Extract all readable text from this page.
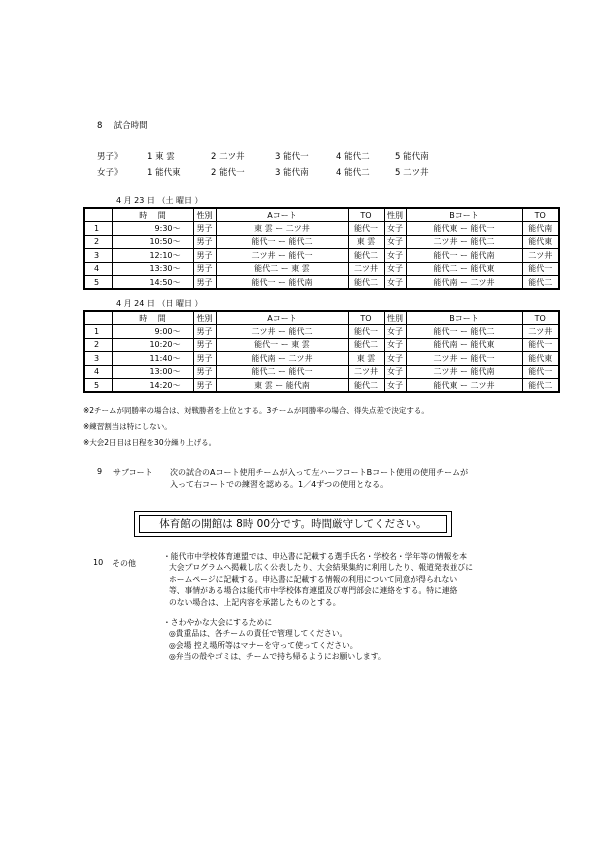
8　 試合時間
男子》	1 東 雲	2 二ツ井	3 能代一	4 能代二	5 能代南
女子》	1 能代東	2 能代一	3 能代南	4 能代二	5 二ツ井
4 月 23 日 （土 曜日 ）
	時　 間	性別	Aコート	TO	性別	Bコート	TO
1	9:30～	男子	東 雲 ー 二ツ井	能代一	女子	能代東 ー 能代一	能代南
2	10:50～	男子	能代一 ー 能代二	東 雲	女子	二ツ井 ー 能代二	能代東
3	12:10～	男子	二ツ井 ー 能代一	能代二	女子	能代一 ー 能代南	二ツ井
4	13:30～	男子	能代二 ー 東 雲	二ツ井	女子	能代二 ー 能代東	能代一
5	14:50～	男子	能代一 ー 能代南	能代二	女子	能代南 ー 二ツ井	能代二
4 月 24 日 （日 曜日 ）
	時　 間	性別	Aコート	TO	性別	Bコート	TO
1	9:00～	男子	二ツ井 ー 能代二	能代一	女子	能代一 ー 能代二	二ツ井
2	10:20～	男子	能代一 ー 東 雲	能代二	女子	能代南 ー 能代東	能代一
3	11:40～	男子	能代南 ー 二ツ井	東 雲	女子	二ツ井 ー 能代一	能代東
4	13:00～	男子	能代二 ー 能代一	二ツ井	女子	二ツ井 ー 能代南	能代一
5	14:20～	男子	東 雲 ー 能代南	能代二	女子	能代東 ー 二ツ井	能代二
※2チームが同勝率の場合は、対戦勝者を上位とする。3チームが同勝率の場合、得失点差で決定する。
※練習割当は特にしない。
※大会2日目は日程を30分繰り上げる。
9 サブコート 次の試合のAコート使用チームが入って左ハーフコートBコート使用の使用チームが
入って右コートでの練習を認める。1／4ずつの使用となる。
体育館の開館は 8時 00分です。時間厳守してください。
10 その他
・能代市中学校体育連盟では、申込書に記載する選手氏名・学校名・学年等の情報を本
大会プログラムへ掲載し広く公表したり、大会結果集約に利用したり、報道発表並びに
ホームページに記載する。申込書に記載する情報の利用について同意が得られない
等、事情がある場合は能代市中学校体育連盟及び専門部会に連絡をする。特に連絡
のない場合は、上記内容を承諾したものとする。
・さわやかな大会にするために
◎貴重品は、各チームの責任で管理してください。
◎会場 控え場所等はマナーを守って使ってください。
◎弁当の殻やゴミは、チームで持ち帰るようにお願いします。
